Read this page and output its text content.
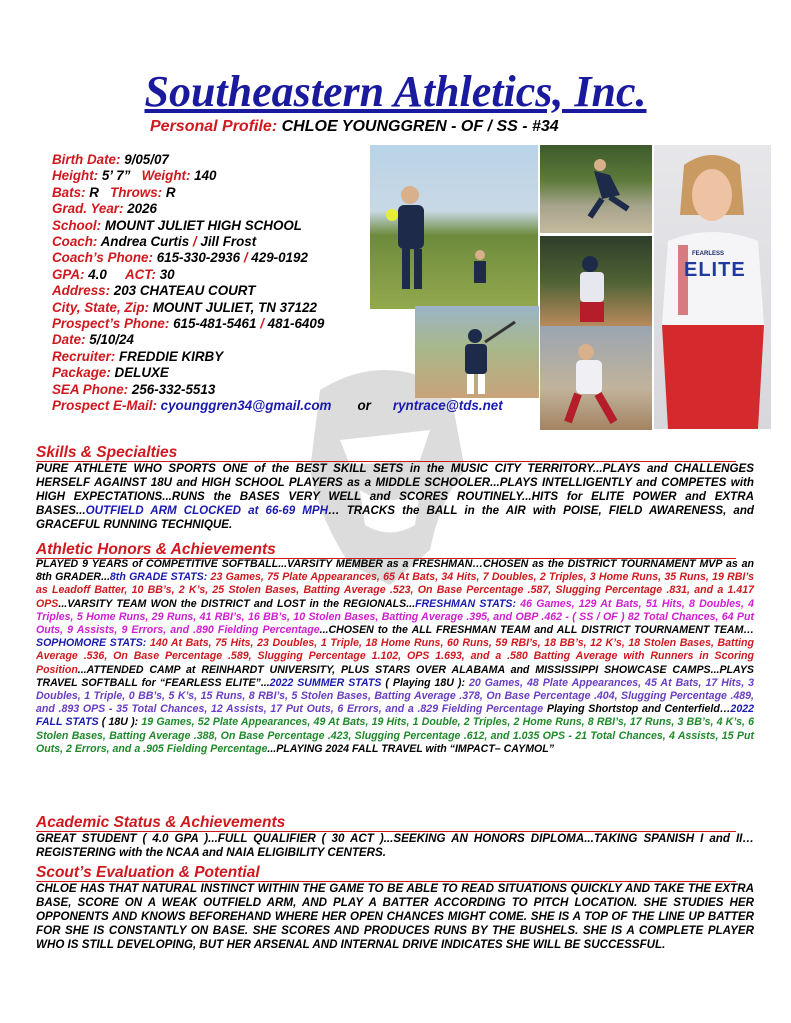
Southeastern Athletics, Inc.
Personal Profile: CHLOE YOUNGGREN - OF / SS - #34
Birth Date: 9/05/07
Height: 5’ 7” Weight: 140
Bats: R Throws: R
Grad. Year: 2026
School: MOUNT JULIET HIGH SCHOOL
Coach: Andrea Curtis / Jill Frost
Coach’s Phone: 615-330-2936 / 429-0192
GPA: 4.0 ACT: 30
Address: 203 CHATEAU COURT
City, State, Zip: MOUNT JULIET, TN 37122
Prospect’s Phone: 615-481-5461 / 481-6409
Date: 5/10/24
Recruiter: FREDDIE KIRBY
Package: DELUXE
SEA Phone: 256-332-5513
Prospect E-Mail: cyounggren34@gmail.com or ryntrace@tds.net
FEARLESS
ELITE
Skills & Specialties
PURE ATHLETE WHO SPORTS ONE of the BEST SKILL SETS in the MUSIC CITY TERRITORY...PLAYS and CHALLENGES HERSELF AGAINST 18U and HIGH SCHOOL PLAYERS as a MIDDLE SCHOOLER...PLAYS INTELLIGENTLY and COMPETES with HIGH EXPECTATIONS...RUNS the BASES VERY WELL and SCORES ROUTINELY...HITS for ELITE POWER and EXTRA BASES...OUTFIELD ARM CLOCKED at 66-69 MPH… TRACKS the BALL in the AIR with POISE, FIELD AWARENESS, and GRACEFUL RUNNING TECHNIQUE.
Athletic Honors & Achievements
PLAYED 9 YEARS of COMPETITIVE SOFTBALL...VARSITY MEMBER as a FRESHMAN…CHOSEN as the DISTRICT TOURNAMENT MVP as an 8th GRADER...8th GRADE STATS: 23 Games, 75 Plate Appearances, 65 At Bats, 34 Hits, 7 Doubles, 2 Triples, 3 Home Runs, 35 Runs, 19 RBI’s as Leadoff Batter, 10 BB’s, 2 K’s, 25 Stolen Bases, Batting Average .523, On Base Percentage .587, Slugging Percentage .831, and a 1.417 OPS...VARSITY TEAM WON the DISTRICT and LOST in the REGIONALS...FRESHMAN STATS: 46 Games, 129 At Bats, 51 Hits, 8 Doubles, 4 Triples, 5 Home Runs, 29 Runs, 41 RBI’s, 16 BB’s, 10 Stolen Bases, Batting Average .395, and OBP .462 - ( SS / OF ) 82 Total Chances, 64 Put Outs, 9 Assists, 9 Errors, and .890 Fielding Percentage...CHOSEN to the ALL FRESHMAN TEAM and ALL DISTRICT TOURNAMENT TEAM…SOPHOMORE STATS: 140 At Bats, 75 Hits, 23 Doubles, 1 Triple, 18 Home Runs, 60 Runs, 59 RBI’s, 18 BB’s, 12 K’s, 18 Stolen Bases, Batting Average .536, On Base Percentage .589, Slugging Percentage 1.102, OPS 1.693, and a .580 Batting Average with Runners in Scoring Position...ATTENDED CAMP at REINHARDT UNIVERSITY, PLUS STARS OVER ALABAMA and MISSISSIPPI SHOWCASE CAMPS...PLAYS TRAVEL SOFTBALL for “FEARLESS ELITE”...2022 SUMMER STATS ( Playing 18U ): 20 Games, 48 Plate Appearances, 45 At Bats, 17 Hits, 3 Doubles, 1 Triple, 0 BB’s, 5 K’s, 15 Runs, 8 RBI’s, 5 Stolen Bases, Batting Average .378, On Base Percentage .404, Slugging Percentage .489, and .893 OPS - 35 Total Chances, 12 Assists, 17 Put Outs, 6 Errors, and a .829 Fielding Percentage Playing Shortstop and Centerfield…2022 FALL STATS ( 18U ): 19 Games, 52 Plate Appearances, 49 At Bats, 19 Hits, 1 Double, 2 Triples, 2 Home Runs, 8 RBI’s, 17 Runs, 3 BB’s, 4 K’s, 6 Stolen Bases, Batting Average .388, On Base Percentage .423, Slugging Percentage .612, and 1.035 OPS - 21 Total Chances, 4 Assists, 15 Put Outs, 2 Errors, and a .905 Fielding Percentage...PLAYING 2024 FALL TRAVEL with “IMPACT– CAYMOL”
Academic Status & Achievements
GREAT STUDENT ( 4.0 GPA )...FULL QUALIFIER ( 30 ACT )...SEEKING AN HONORS DIPLOMA...TAKING SPANISH I and II…REGISTERING with the NCAA and NAIA ELIGIBILITY CENTERS.
Scout’s Evaluation & Potential
CHLOE HAS THAT NATURAL INSTINCT WITHIN THE GAME TO BE ABLE TO READ SITUATIONS QUICKLY AND TAKE THE EXTRA BASE, SCORE ON A WEAK OUTFIELD ARM, AND PLAY A BATTER ACCORDING TO PITCH LOCATION. SHE STUDIES HER OPPONENTS AND KNOWS BEFOREHAND WHERE HER OPEN CHANCES MIGHT COME. SHE IS A TOP OF THE LINE UP BATTER FOR SHE IS CONSTANTLY ON BASE. SHE SCORES AND PRODUCES RUNS BY THE BUSHELS. SHE IS A COMPLETE PLAYER WHO IS STILL DEVELOPING, BUT HER ARSENAL AND INTERNAL DRIVE INDICATES SHE WILL BE SUCCESSFUL.
